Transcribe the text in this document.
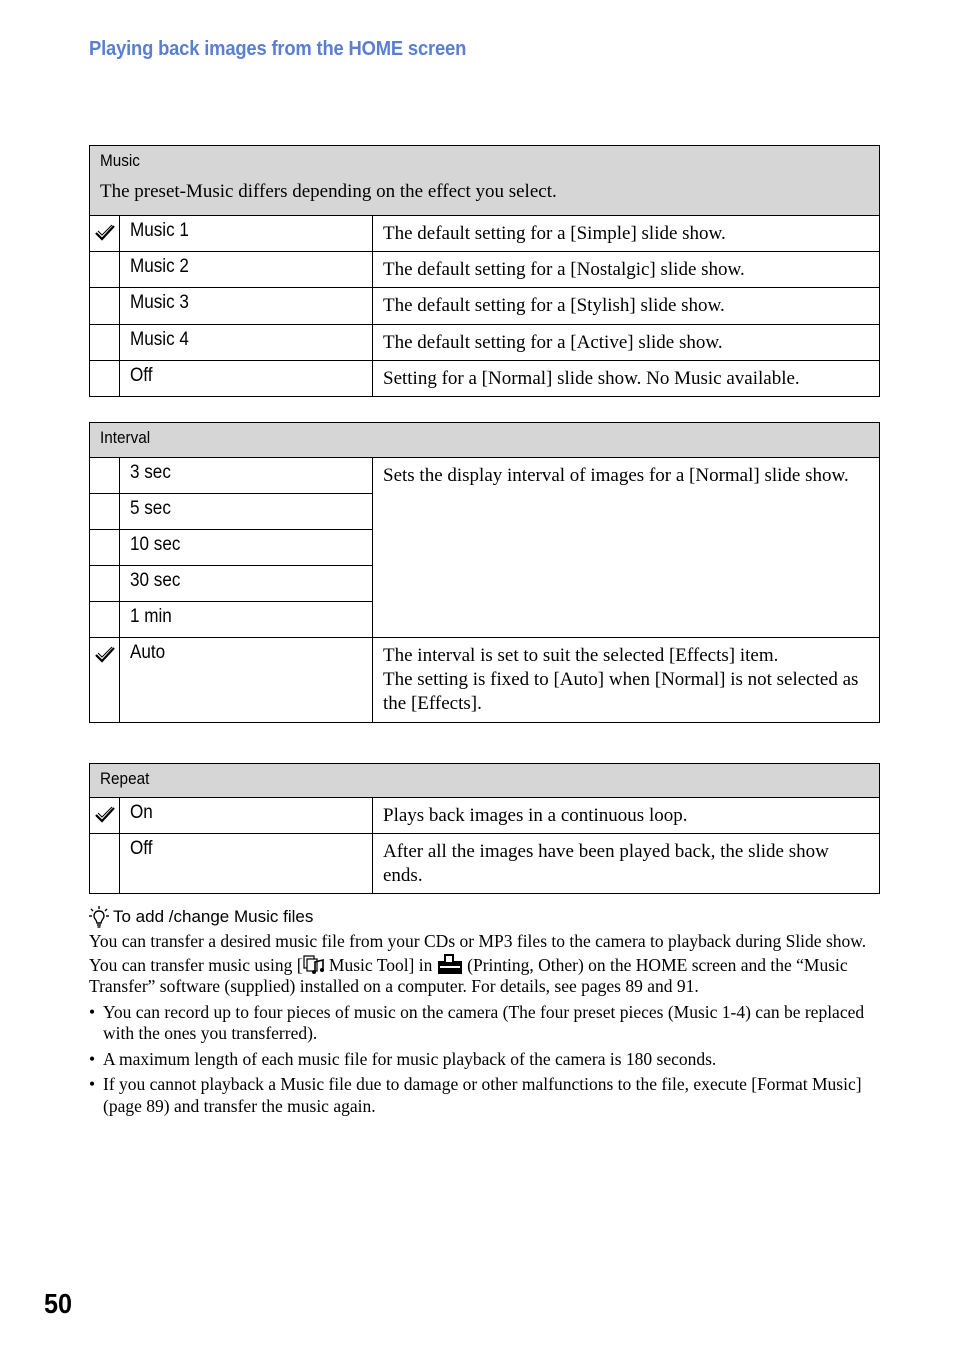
Playing back images from the HOME screen
Music
The preset-Music differs depending on the effect you select.		

	Music 1	The default setting for a [Simple] slide show.
	Music 2	The default setting for a [Nostalgic] slide show.
	Music 3	The default setting for a [Stylish] slide show.
	Music 4	The default setting for a [Active] slide show.
	Off	Setting for a [Normal] slide show. No Music available.
Interval		

	3 sec	Sets the display interval of images for a [Normal] slide show.
	5 sec	
	10 sec	
	30 sec	
	1 min	
	Auto	The interval is set to suit the selected [Effects] item.
The setting is fixed to [Auto] when [Normal] is not selected as the [Effects].
Repeat		

	On	Plays back images in a continuous loop.
	Off	After all the images have been played back, the slide show ends.
To add /change Music files
You can transfer a desired music file from your CDs or MP3 files to the camera to playback during Slide show. You can transfer music using [ Music Tool] in  (Printing, Other) on the HOME screen and the “Music Transfer” software (supplied) installed on a computer. For details, see pages 89 and 91.
• You can record up to four pieces of music on the camera (The four preset pieces (Music 1-4) can be replaced with the ones you transferred).
• A maximum length of each music file for music playback of the camera is 180 seconds.
• If you cannot playback a Music file due to damage or other malfunctions to the file, execute [Format Music] (page 89) and transfer the music again.
50
